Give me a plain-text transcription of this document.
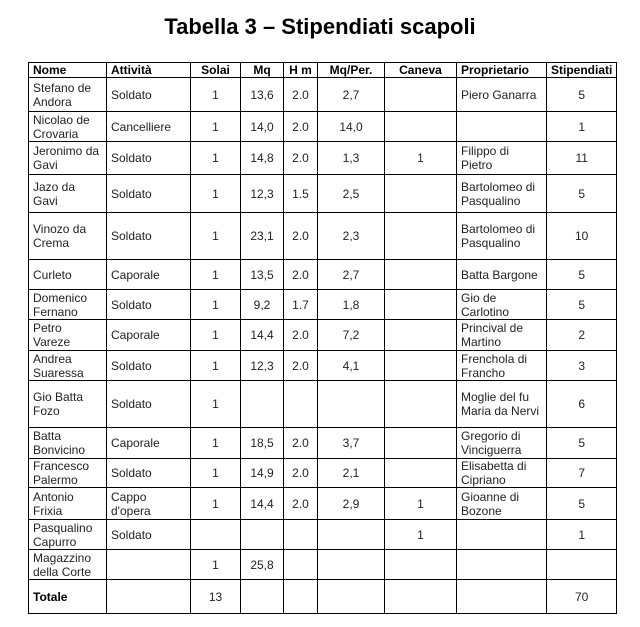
Tabella 3 – Stipendiati scapoli
Nome	Attività	Solai	Mq	H m	Mq/Per.	Caneva	Proprietario	Stipendiati
Stefano de Andora	Soldato	1	13,6	2.0	2,7		Piero Ganarra	5
Nicolao de Crovaria	Cancelliere	1	14,0	2.0	14,0			1
Jeronimo da Gavi	Soldato	1	14,8	2.0	1,3	1	Filippo di Pietro	11
Jazo da Gavi	Soldato	1	12,3	1.5	2,5		Bartolomeo di Pasqualino	5
Vinozo da Crema	Soldato	1	23,1	2.0	2,3		Bartolomeo di Pasqualino	10
Curleto	Caporale	1	13,5	2.0	2,7		Batta Bargone	5
Domenico Fernano	Soldato	1	9,2	1.7	1,8		Gio de Carlotino	5
Petro Vareze	Caporale	1	14,4	2.0	7,2		Princival de Martino	2
Andrea Suaressa	Soldato	1	12,3	2.0	4,1		Frenchola di Francho	3
Gio Batta Fozo	Soldato	1					Moglie del fu Maria da Nervi	6
Batta Bonvicino	Caporale	1	18,5	2.0	3,7		Gregorio di Vinciguerra	5
Francesco Palermo	Soldato	1	14,9	2.0	2,1		Elisabetta di Cipriano	7
Antonio Frixia	Cappo d'opera	1	14,4	2.0	2,9	1	Gioanne di Bozone	5
Pasqualino Capurro	Soldato					1		1
Magazzino della Corte		1	25,8					
Totale		13						70
